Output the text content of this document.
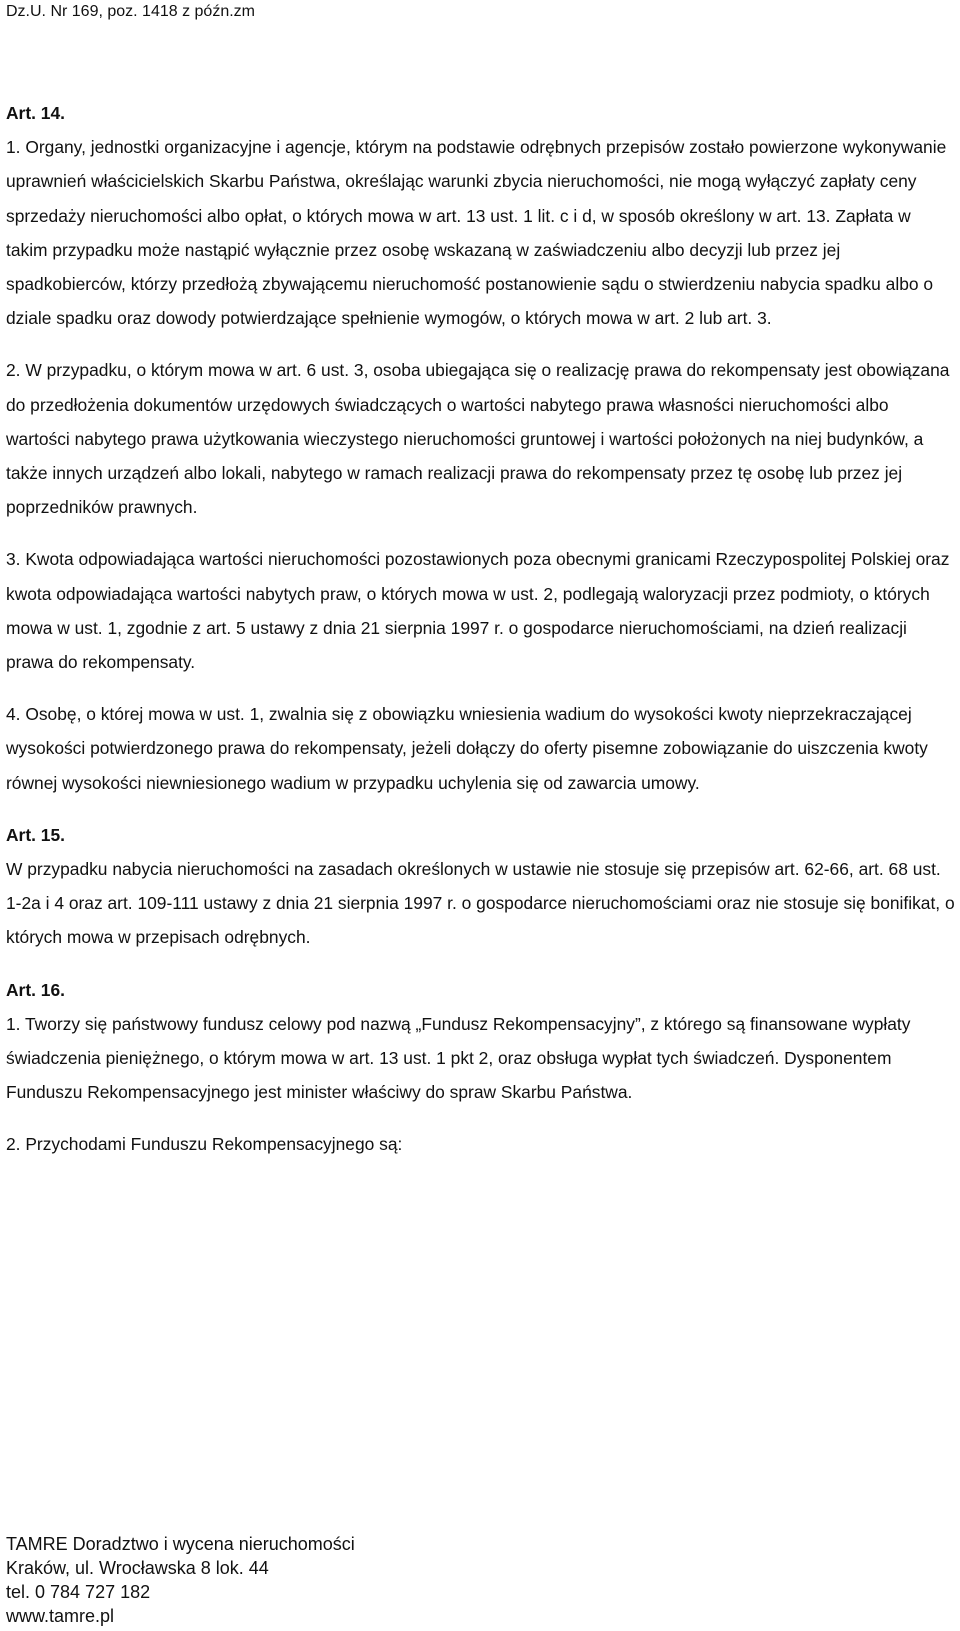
Dz.U. Nr 169, poz. 1418 z późn.zm
Art. 14.

1. Organy, jednostki organizacyjne i agencje, którym na podstawie odrębnych przepisów zostało powierzone wykonywanie uprawnień właścicielskich Skarbu Państwa, określając warunki zbycia nieruchomości, nie mogą wyłączyć zapłaty ceny sprzedaży nieruchomości albo opłat, o których mowa w art. 13 ust. 1 lit. c i d, w sposób określony w art. 13. Zapłata w takim przypadku może nastąpić wyłącznie przez osobę wskazaną w zaświadczeniu albo decyzji lub przez jej spadkobierców, którzy przedłożą zbywającemu nieruchomość postanowienie sądu o stwierdzeniu nabycia spadku albo o dziale spadku oraz dowody potwierdzające spełnienie wymogów, o których mowa w art. 2 lub art. 3.

2. W przypadku, o którym mowa w art. 6 ust. 3, osoba ubiegająca się o realizację prawa do rekompensaty jest obowiązana do przedłożenia dokumentów urzędowych świadczących o wartości nabytego prawa własności nieruchomości albo wartości nabytego prawa użytkowania wieczystego nieruchomości gruntowej i wartości położonych na niej budynków, a także innych urządzeń albo lokali, nabytego w ramach realizacji prawa do rekompensaty przez tę osobę lub przez jej poprzedników prawnych.

3. Kwota odpowiadająca wartości nieruchomości pozostawionych poza obecnymi granicami Rzeczypospolitej Polskiej oraz kwota odpowiadająca wartości nabytych praw, o których mowa w ust. 2, podlegają waloryzacji przez podmioty, o których mowa w ust. 1, zgodnie z art. 5 ustawy z dnia 21 sierpnia 1997 r. o gospodarce nieruchomościami, na dzień realizacji prawa do rekompensaty.

4. Osobę, o której mowa w ust. 1, zwalnia się z obowiązku wniesienia wadium do wysokości kwoty nieprzekraczającej wysokości potwierdzonego prawa do rekompensaty, jeżeli dołączy do oferty pisemne zobowiązanie do uiszczenia kwoty równej wysokości niewniesionego wadium w przypadku uchylenia się od zawarcia umowy.

Art. 15.

W przypadku nabycia nieruchomości na zasadach określonych w ustawie nie stosuje się przepisów art. 62-66, art. 68 ust. 1-2a i 4 oraz art. 109-111 ustawy z dnia 21 sierpnia 1997 r. o gospodarce nieruchomościami oraz nie stosuje się bonifikat, o których mowa w przepisach odrębnych.

Art. 16.

1. Tworzy się państwowy fundusz celowy pod nazwą „Fundusz Rekompensacyjny”, z którego są finansowane wypłaty świadczenia pieniężnego, o którym mowa w art. 13 ust. 1 pkt 2, oraz obsługa wypłat tych świadczeń. Dysponentem Funduszu Rekompensacyjnego jest minister właściwy do spraw Skarbu Państwa.

2. Przychodami Funduszu Rekompensacyjnego są:

TAMRE Doradztwo i wycena nieruchomości
Kraków, ul. Wrocławska 8 lok. 44
tel. 0 784 727 182
www.tamre.pl
